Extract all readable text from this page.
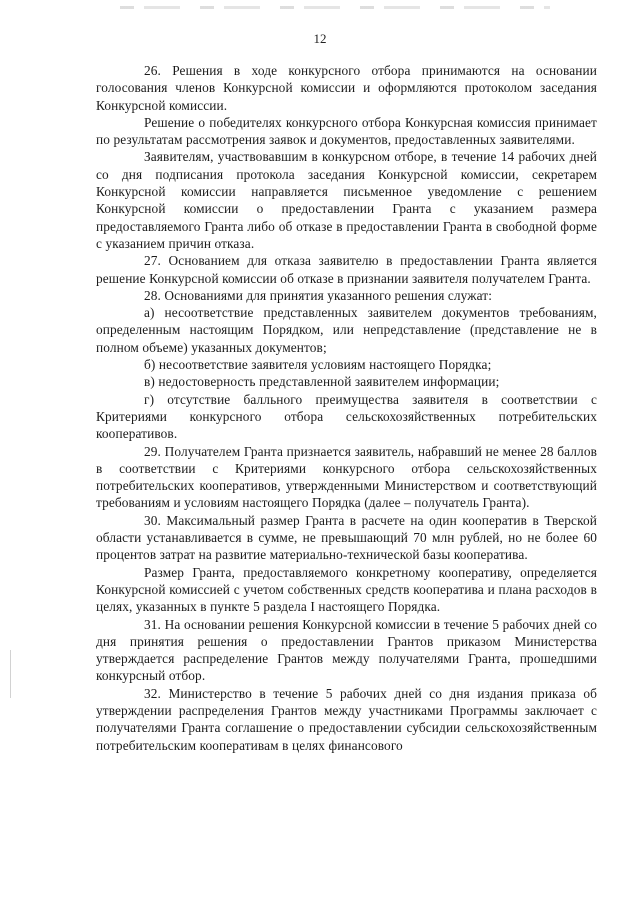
12

26. Решения в ходе конкурсного отбора принимаются на основании голосования членов Конкурсной комиссии и оформляются протоколом заседания Конкурсной комиссии.

Решение о победителях конкурсного отбора Конкурсная комиссия принимает по результатам рассмотрения заявок и документов, предоставленных заявителями.

Заявителям, участвовавшим в конкурсном отборе, в течение 14 рабочих дней со дня подписания протокола заседания Конкурсной комиссии, секретарем Конкурсной комиссии направляется письменное уведомление с решением Конкурсной комиссии о предоставлении Гранта с указанием размера предоставляемого Гранта либо об отказе в предоставлении Гранта в свободной форме с указанием причин отказа.

27. Основанием для отказа заявителю в предоставлении Гранта является решение Конкурсной комиссии об отказе в признании заявителя получателем Гранта.

28. Основаниями для принятия указанного решения служат:

а) несоответствие представленных заявителем документов требованиям, определенным настоящим Порядком, или непредставление (представление не в полном объеме) указанных документов;

б) несоответствие заявителя условиям настоящего Порядка;

в) недостоверность представленной заявителем информации;

г) отсутствие балльного преимущества заявителя в соответствии с Критериями конкурсного отбора сельскохозяйственных потребительских кооперативов.

29. Получателем Гранта признается заявитель, набравший не менее 28 баллов в соответствии с Критериями конкурсного отбора сельскохозяйственных потребительских кооперативов, утвержденными Министерством и соответствующий требованиям и условиям настоящего Порядка (далее – получатель Гранта).

30. Максимальный размер Гранта в расчете на один кооператив в Тверской области устанавливается в сумме, не превышающий 70 млн рублей, но не более 60 процентов затрат на развитие материально-технической базы кооператива.

Размер Гранта, предоставляемого конкретному кооперативу, определяется Конкурсной комиссией с учетом собственных средств кооператива и плана расходов в целях, указанных в пункте 5 раздела I настоящего Порядка.

31. На основании решения Конкурсной комиссии в течение 5 рабочих дней со дня принятия решения о предоставлении Грантов приказом Министерства утверждается распределение Грантов между получателями Гранта, прошедшими конкурсный отбор.

32. Министерство в течение 5 рабочих дней со дня издания приказа об утверждении распределения Грантов между участниками Программы заключает с получателями Гранта соглашение о предоставлении субсидии сельскохозяйственным потребительским кооперативам в целях финансового
